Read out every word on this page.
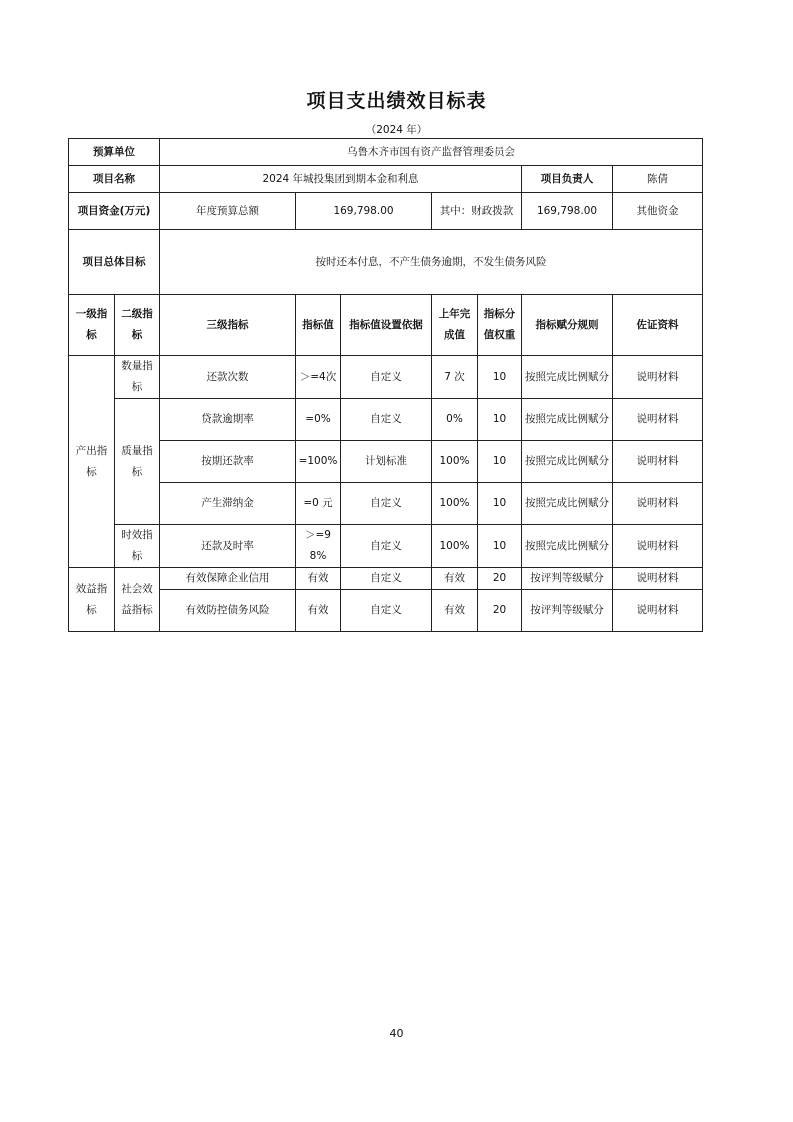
项目支出绩效目标表
（2024 年）
预算单位		乌鲁木齐市国有资产监督管理委员会						
项目名称		2024 年城投集团到期本金和利息					项目负责人	陈倩
项目资金(万元)		年度预算总额	169,798.00		其中：财政拨款		169,798.00	其他资金
项目总体目标		按时还本付息，不产生债务逾期，不发生债务风险						
一级指标	二级指标	三级指标	指标值	指标值设置依据	上年完成值	指标分值权重	指标赋分规则	佐证资料
产出指标	数量指标	还款次数	＞=4次	自定义	7 次	10	按照完成比例赋分	说明材料
	质量指标	贷款逾期率	=0%	自定义	0%	10	按照完成比例赋分	说明材料
		按期还款率	=100%	计划标准	100%	10	按照完成比例赋分	说明材料
		产生滞纳金	=0 元	自定义	100%	10	按照完成比例赋分	说明材料
	时效指标	还款及时率	＞=98%	自定义	100%	10	按照完成比例赋分	说明材料
效益指标	社会效益指标	有效保障企业信用	有效	自定义	有效	20	按评判等级赋分	说明材料
		有效防控债务风险	有效	自定义	有效	20	按评判等级赋分	说明材料
40
